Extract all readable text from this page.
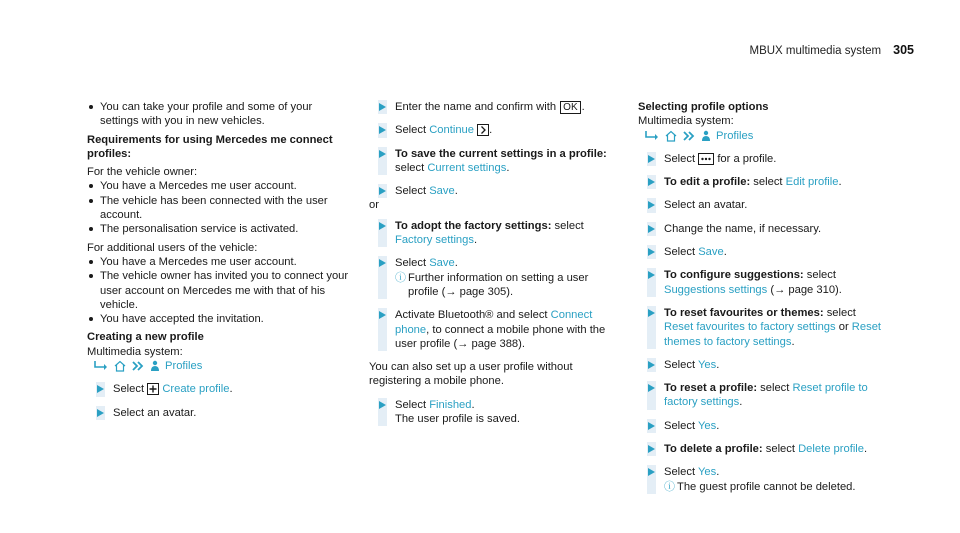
MBUX multimedia system 305
You can take your profile and some of your settings with you in new vehicles.
Requirements for using Mercedes me connect profiles:
For the vehicle owner:
You have a Mercedes me user account.
The vehicle has been connected with the user account.
The personalisation service is activated.
For additional users of the vehicle:
You have a Mercedes me user account.
The vehicle owner has invited you to connect your user account on Mercedes me with that of his vehicle.
You have accepted the invitation.
Creating a new profile
Multimedia system:
Profiles
Select Create profile.
Select an avatar.
Enter the name and confirm with OK .
Select Continue .
To save the current settings in a profile: select Current settings.
Select Save.
or
To adopt the factory settings: select Factory settings.
Select Save.
ⓘ Further information on setting a user profile (→ page 305).
Activate Bluetooth® and select Connect phone, to connect a mobile phone with the user profile (→ page 388).
You can also set up a user profile without registering a mobile phone.
Select Finished.
The user profile is saved.
Selecting profile options
Multimedia system:
Profiles
Select for a profile.
To edit a profile: select Edit profile.
Select an avatar.
Change the name, if necessary.
Select Save.
To configure suggestions: select Suggestions settings (→ page 310).
To reset favourites or themes: select Reset favourites to factory settings or Reset themes to factory settings.
Select Yes.
To reset a profile: select Reset profile to factory settings.
Select Yes.
To delete a profile: select Delete profile.
Select Yes.
ⓘ The guest profile cannot be deleted.
